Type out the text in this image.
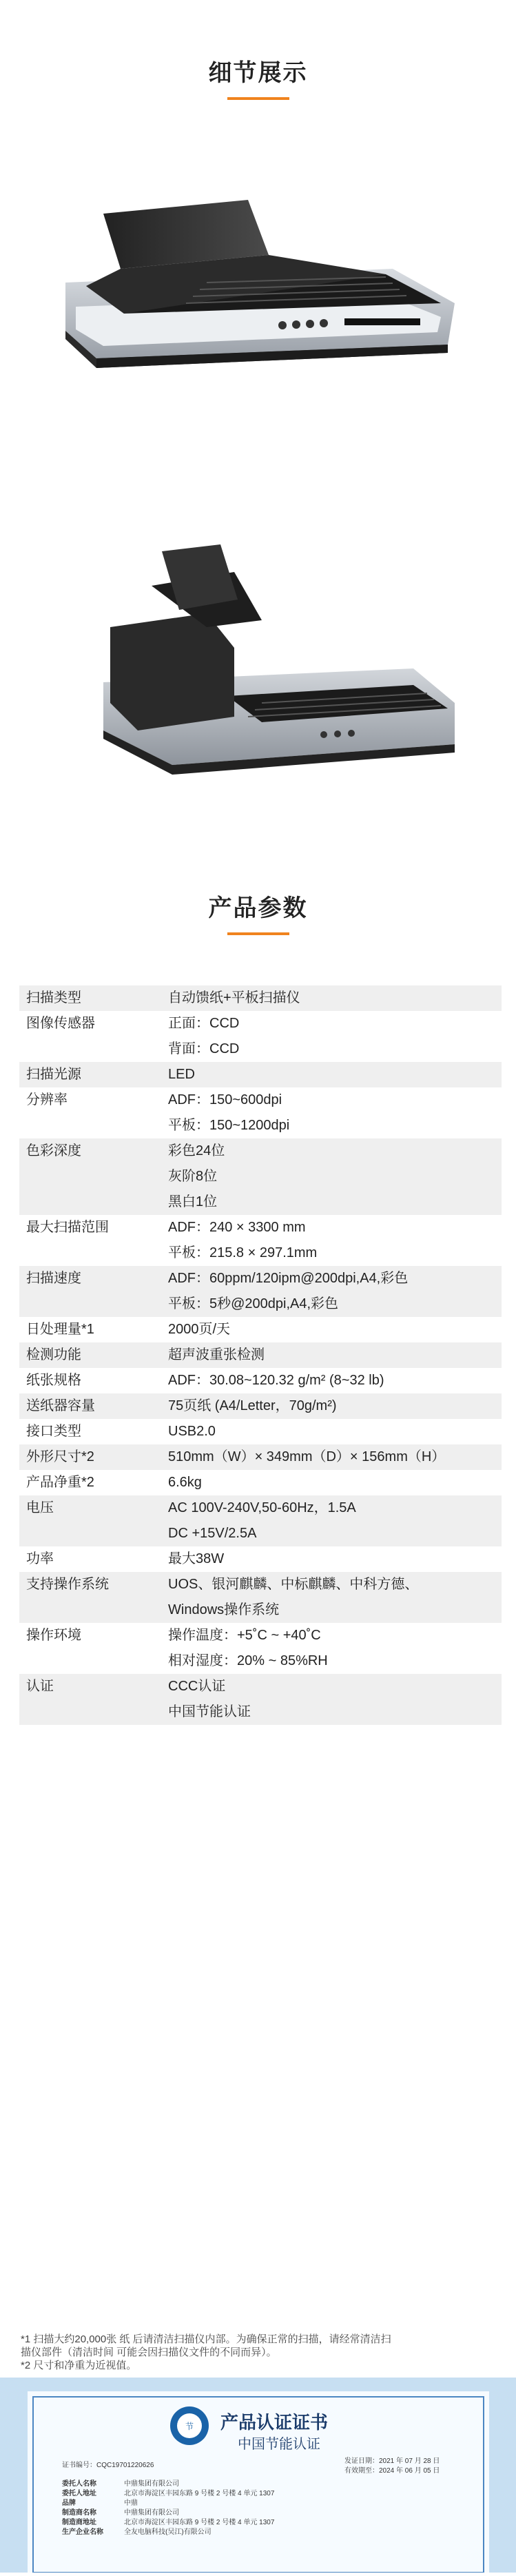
细节展示
产品参数
扫描类型	自动馈纸+平板扫描仪

图像传感器	正面：CCD
背面：CCD

扫描光源	LED

分辨率	ADF：150~600dpi
平板：150~1200dpi

色彩深度	彩色24位
灰阶8位
黑白1位

最大扫描范围	ADF：240 × 3300 mm
平板：215.8 × 297.1mm

扫描速度	ADF：60ppm/120ipm@200dpi,A4,彩色
平板：5秒@200dpi,A4,彩色

日处理量*1	2000页/天

检测功能	超声波重张检测

纸张规格	ADF：30.08~120.32 g/m² (8~32 lb)

送纸器容量	75页纸 (A4/Letter，70g/m²)

接口类型	USB2.0

外形尺寸*2	510mm（W）× 349mm（D）× 156mm（H）

产品净重*2	6.6kg

电压	AC 100V-240V,50-60Hz，1.5A
DC +15V/2.5A

功率	最大38W

支持操作系统	UOS、银河麒麟、中标麒麟、中科方德、
Windows操作系统

操作环境	操作温度：+5˚C ~ +40˚C
相对湿度：20% ~ 85%RH

认证	CCC认证
中国节能认证
*1 扫描大约20,000张 纸 后请清洁扫描仪内部。为确保正常的扫描，请经常清洁扫
描仪部件（清洁时间 可能会因扫描仪文件的不同而异）。
*2 尺寸和净重为近视值。
节 产品认证证书
中国节能认证
证书编号：CQC19701220626
发证日期：2021 年 07 月 28 日
有效期至：2024 年 06 月 05 日
委托人名称	中鼎集团有限公司
委托人地址	北京市海淀区丰园东路 9 号楼 2 号楼 4 单元 1307
品牌	中鼎
制造商名称	中鼎集团有限公司
制造商地址	北京市海淀区丰园东路 9 号楼 2 号楼 4 单元 1307
生产企业名称	全友电脑科技(吴江)有限公司
